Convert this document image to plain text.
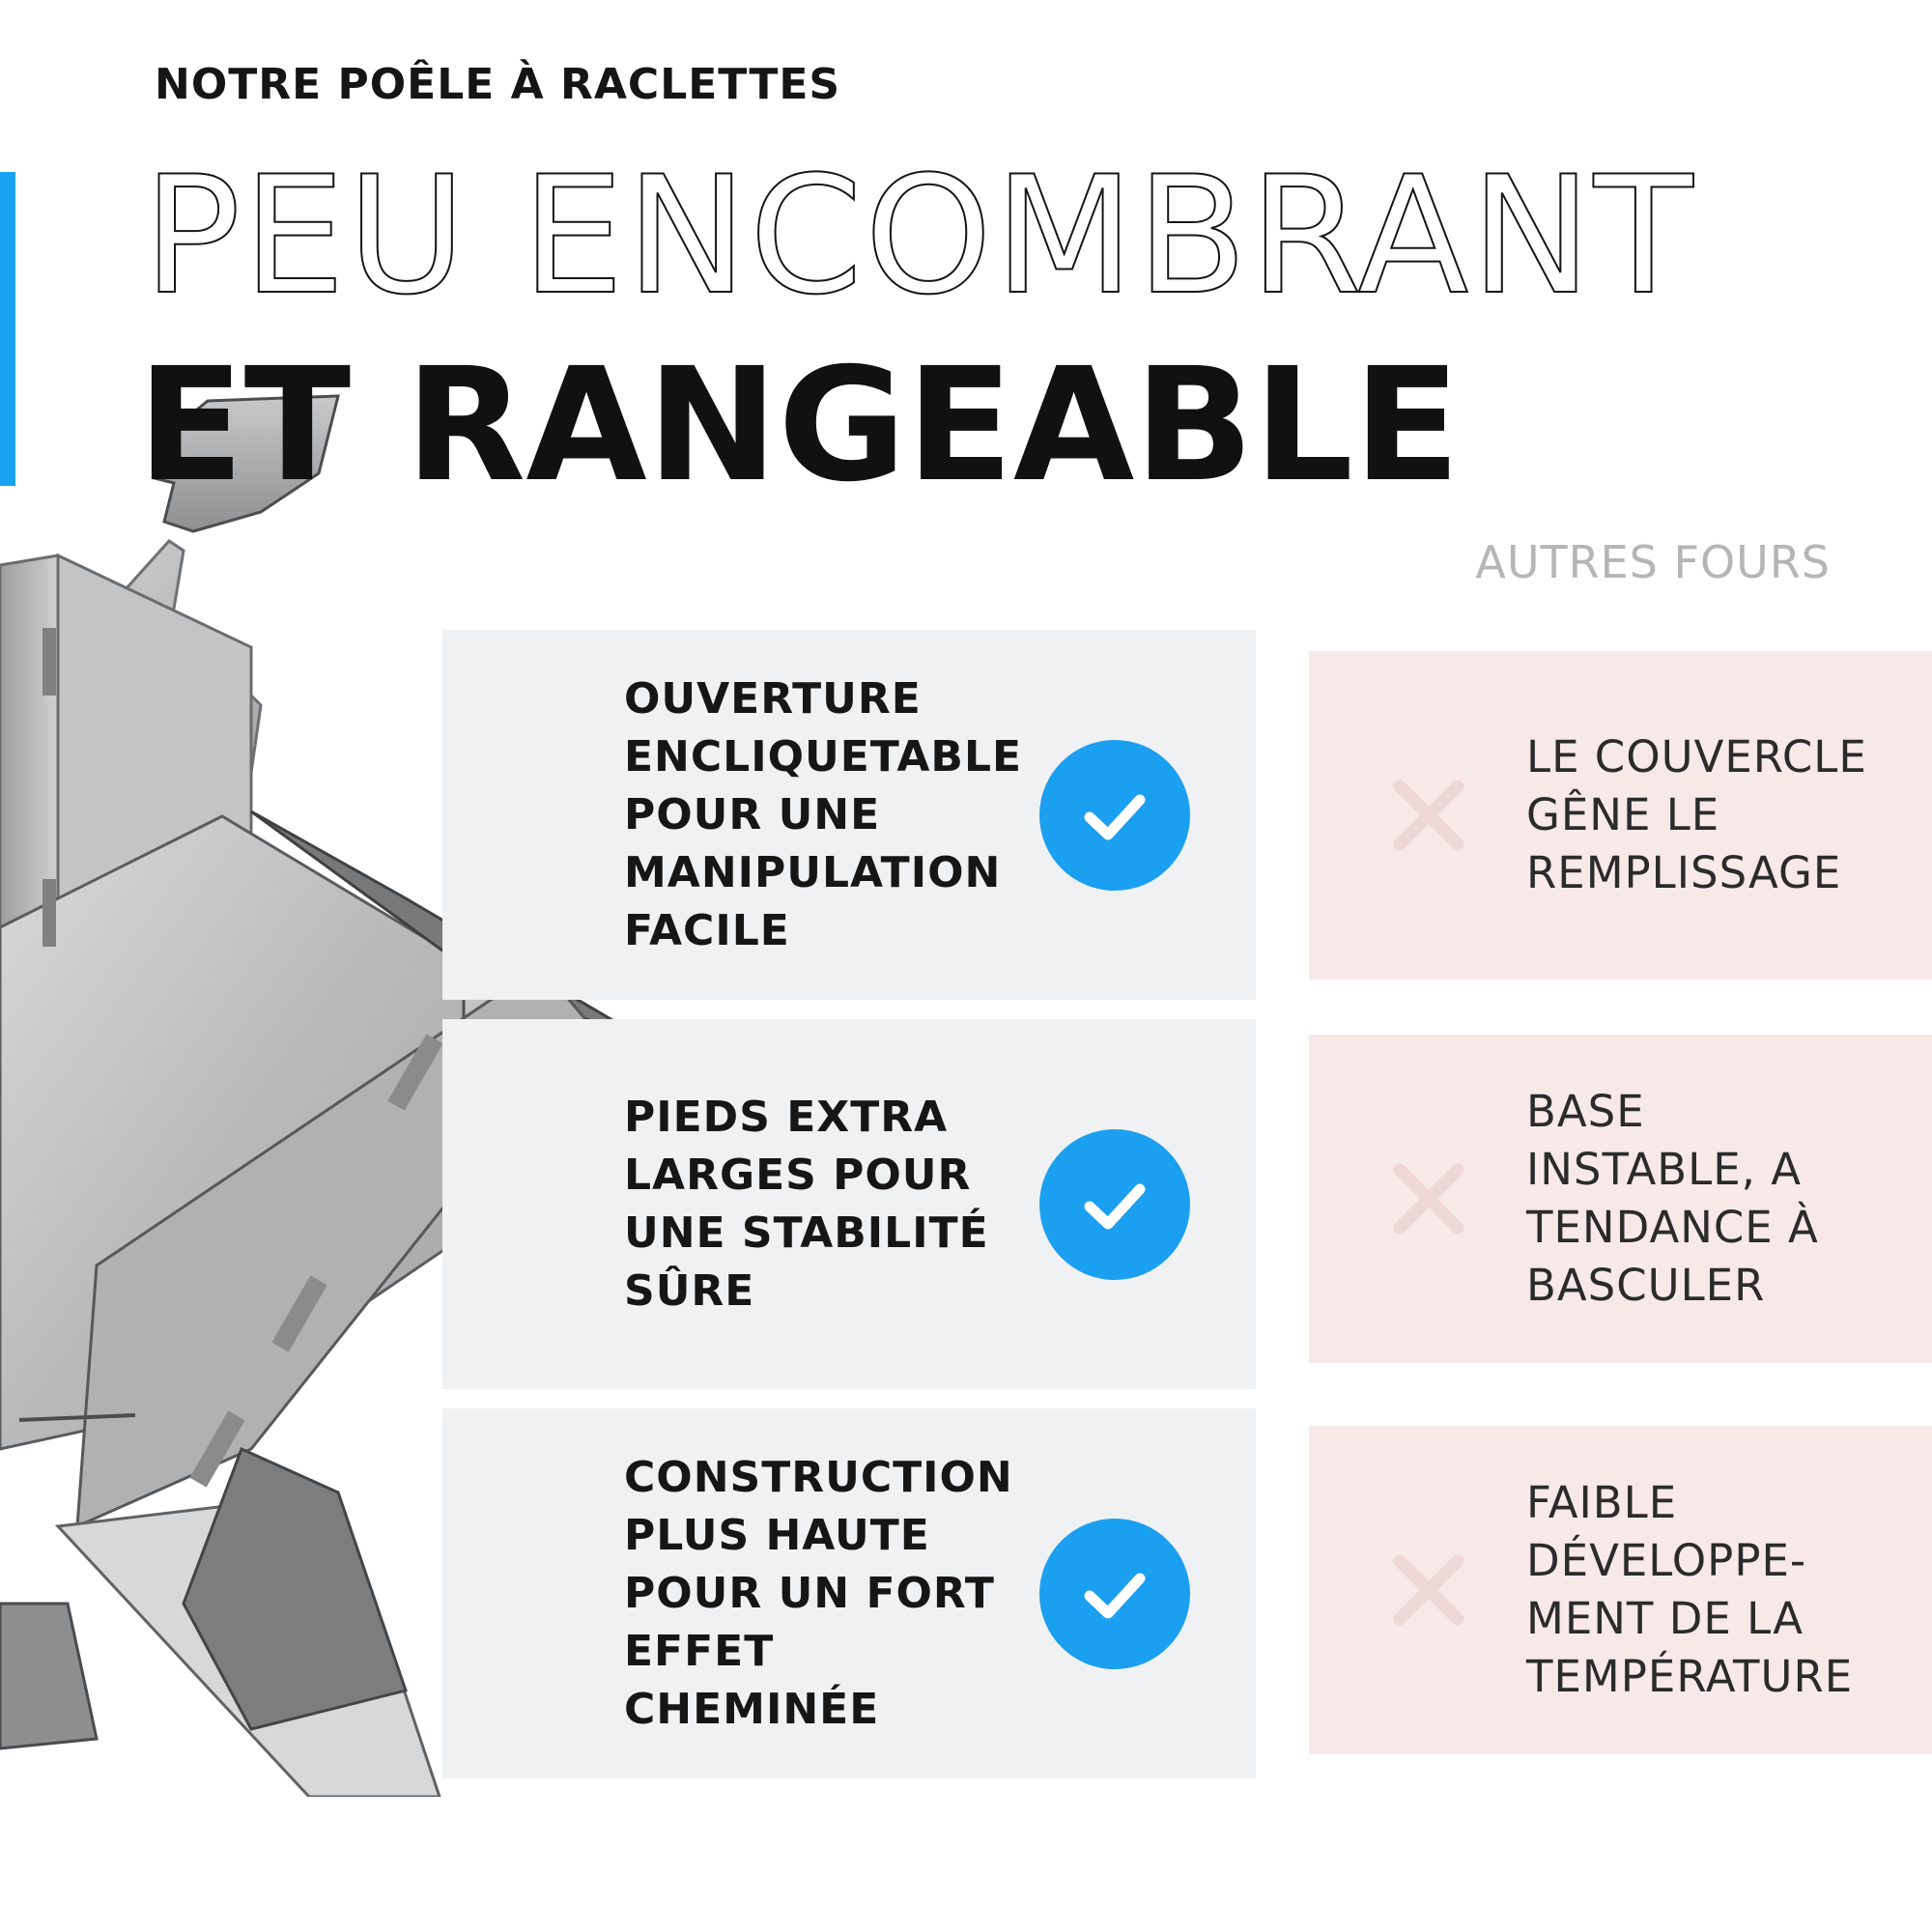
NOTRE POÊLE À RACLETTES
PEU ENCOMBRANT
ET RANGEABLE
AUTRES FOURS
OUVERTURE
ENCLIQUETABLE
POUR UNE
MANIPULATION
FACILE
PIEDS EXTRA
LARGES POUR
UNE STABILITÉ
SÛRE
CONSTRUCTION
PLUS HAUTE
POUR UN FORT
EFFET
CHEMINÉE
LE COUVERCLE
GÊNE LE
REMPLISSAGE
BASE
INSTABLE, A
TENDANCE À
BASCULER
FAIBLE
DÉVELOPPE-
MENT DE LA
TEMPÉRATURE
